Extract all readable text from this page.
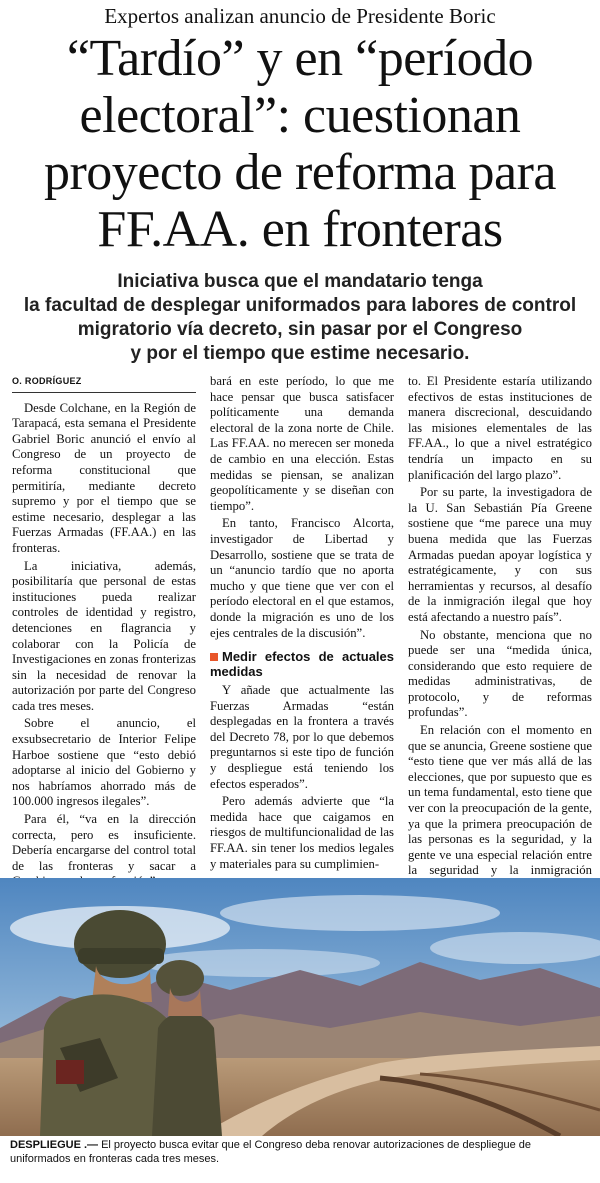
Expertos analizan anuncio de Presidente Boric
“Tardío” y en “período
electoral”: cuestionan
proyecto de reforma para
FF.AA. en fronteras
Iniciativa busca que el mandatario tenga
la facultad de desplegar uniformados para labores de control
migratorio vía decreto, sin pasar por el Congreso
y por el tiempo que estime necesario.
O. RODRÍGUEZ

Desde Colchane, en la Región de Tarapacá, esta semana el Presidente Gabriel Boric anunció el envío al Congreso de un proyecto de reforma constitucional que permitiría, mediante decreto supremo y por el tiempo que se estime necesario, desplegar a las Fuerzas Armadas (FF.AA.) en las fronteras.

La iniciativa, además, posibilitaría que personal de estas instituciones pueda realizar controles de identidad y registro, detenciones en flagrancia y colaborar con la Policía de Investigaciones en zonas fronterizas sin la necesidad de renovar la autorización por parte del Congreso cada tres meses.

Sobre el anuncio, el exsubsecretario de Interior Felipe Harboe sostiene que “esto debió adoptarse al inicio del Gobierno y nos habríamos ahorrado más de 100.000 ingresos ilegales”.

Para él, “va en la dirección correcta, pero es insuficiente. Debería encargarse del control total de las fronteras y sacar a

bará en este período, lo que me hace pensar que busca satisfacer políticamente una demanda electoral de la zona norte de Chile. Las FF.AA. no merecen ser moneda de cambio en una elección. Estas medidas se piensan, se analizan geopolíticamente y se diseñan con tiempo”.

En tanto, Francisco Alcorta, investigador de Libertad y Desarrollo, sostiene que se trata de un “anuncio tardío que no aporta mucho y que tiene que ver con el período electoral en el que estamos, donde la migración es uno de los ejes centrales de la discusión”.

Medir efectos de actuales medidas

Y añade que actualmente las Fuerzas Armadas “están desplegadas en la frontera a través del Decreto 78, por lo que debemos preguntarnos si este tipo de función y despliegue está teniendo los efectos esperados”.

Pero además advierte que “la medida hace que caigamos en riesgos de multifuncionalidad de las FF.AA. sin tener los medios legales y materiales para su cumplimien-

to. El Presidente estaría utilizando efectivos de estas instituciones de manera discrecional, descuidando las misiones elementales de las FF.AA., lo que a nivel estratégico tendría un impacto en su planificación del largo plazo”.

Por su parte, la investigadora de la U. San Sebastián Pía Greene sostiene que “me parece una muy buena medida que las Fuerzas Armadas puedan apoyar logística y estratégicamente, y con sus herramientas y recursos, al desafío de la inmigración ilegal que hoy está afectando a nuestro país”.

No obstante, menciona que no puede ser una “medida única, considerando que esto requiere de medidas administrativas, de protocolo, y de reformas profundas”.

En relación con el momento en que se anuncia, Greene sostiene que “esto tiene que ver más allá de las elecciones, que por supuesto que es un tema fundamental, esto tiene que ver con la preocupación de la gente, ya que la primera preocupación de las personas es la seguridad, y la gente ve una especial relación entre la seguridad y la inmigración

DESPLIEGUE .— El proyecto busca evitar que el Congreso deba renovar autorizaciones de despliegue de uniformados en fronteras cada tres meses.
